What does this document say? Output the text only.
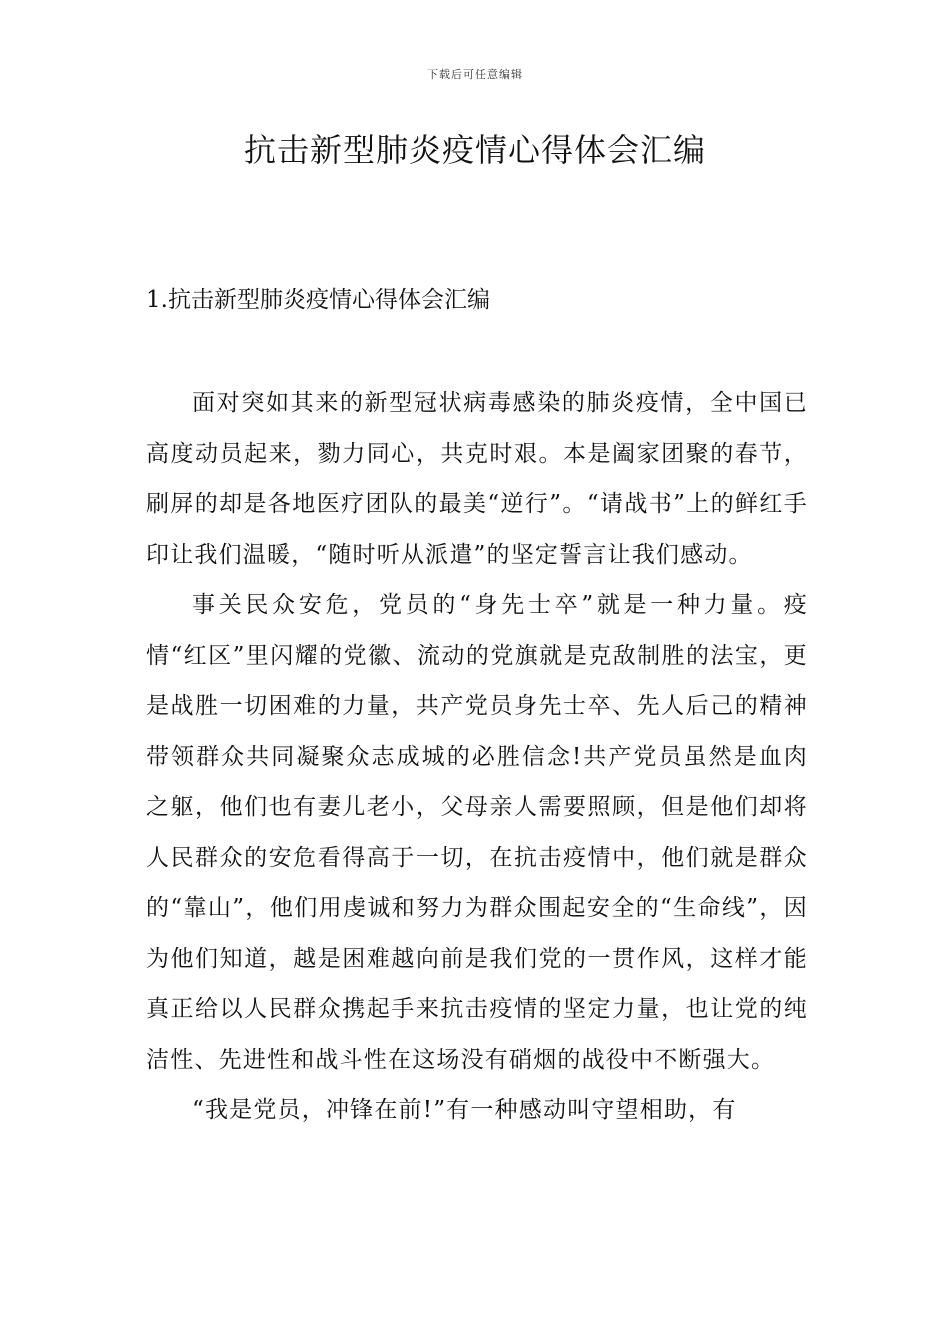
下载后可任意编辑
抗击新型肺炎疫情心得体会汇编
1.抗击新型肺炎疫情心得体会汇编

面对突如其来的新型冠状病毒感染的肺炎疫情，全中国已高度动员起来，勠力同心，共克时艰。本是阖家团聚的春节，刷屏的却是各地医疗团队的最美“逆行”。“请战书”上的鲜红手印让我们温暖，“随时听从派遣”的坚定誓言让我们感动。

事关民众安危，党员的“身先士卒”就是一种力量。疫情“红区”里闪耀的党徽、流动的党旗就是克敌制胜的法宝，更是战胜一切困难的力量，共产党员身先士卒、先人后己的精神带领群众共同凝聚众志成城的必胜信念!共产党员虽然是血肉之躯，他们也有妻儿老小，父母亲人需要照顾，但是他们却将人民群众的安危看得高于一切，在抗击疫情中，他们就是群众的“靠山”，他们用虔诚和努力为群众围起安全的“生命线”，因为他们知道，越是困难越向前是我们党的一贯作风，这样才能真正给以人民群众携起手来抗击疫情的坚定力量，也让党的纯洁性、先进性和战斗性在这场没有硝烟的战役中不断强大。

“我是党员，冲锋在前!”有一种感动叫守望相助，有
